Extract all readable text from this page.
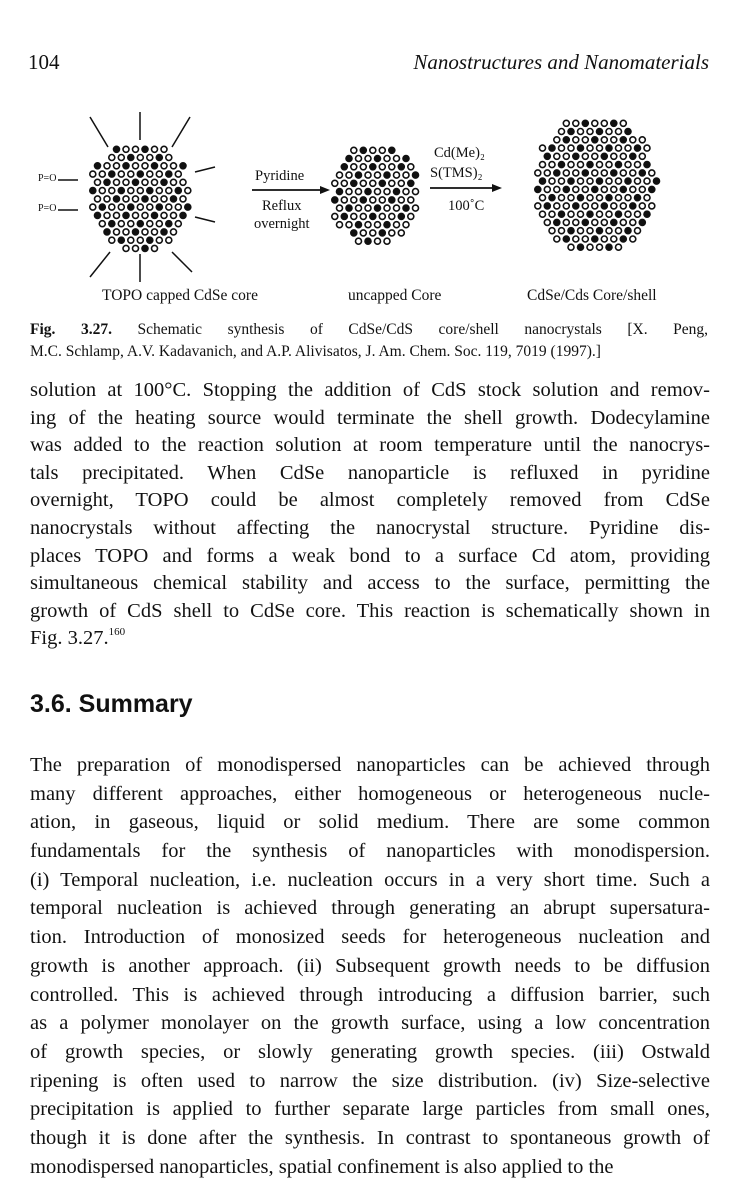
104	Nanostructures and Nanomaterials
Pyridine
Reflux
overnight
Cd(Me)₂
S(TMS)₂
100˚C
P=O
P=O
TOPO capped CdSe core	uncapped Core	CdSe/Cds Core/shell
Fig. 3.27. Schematic synthesis of CdSe/CdS core/shell nanocrystals [X. Peng,
M.C. Schlamp, A.V. Kadavanich, and A.P. Alivisatos, J. Am. Chem. Soc. 119, 7019 (1997).]
solution at 100°C. Stopping the addition of CdS stock solution and remov-
ing of the heating source would terminate the shell growth. Dodecylamine
was added to the reaction solution at room temperature until the nanocrys-
tals precipitated. When CdSe nanoparticle is refluxed in pyridine
overnight, TOPO could be almost completely removed from CdSe
nanocrystals without affecting the nanocrystal structure. Pyridine dis-
places TOPO and forms a weak bond to a surface Cd atom, providing
simultaneous chemical stability and access to the surface, permitting the
growth of CdS shell to CdSe core. This reaction is schematically shown in
Fig. 3.27.$^{160}$
3.6. Summary
The preparation of monodispersed nanoparticles can be achieved through
many different approaches, either homogeneous or heterogeneous nucle-
ation, in gaseous, liquid or solid medium. There are some common
fundamentals for the synthesis of nanoparticles with monodispersion.
(i) Temporal nucleation, i.e. nucleation occurs in a very short time. Such a
temporal nucleation is achieved through generating an abrupt supersatura-
tion. Introduction of monosized seeds for heterogeneous nucleation and
growth is another approach. (ii) Subsequent growth needs to be diffusion
controlled. This is achieved through introducing a diffusion barrier, such
as a polymer monolayer on the growth surface, using a low concentration
of growth species, or slowly generating growth species. (iii) Ostwald
ripening is often used to narrow the size distribution. (iv) Size-selective
precipitation is applied to further separate large particles from small ones,
though it is done after the synthesis. In contrast to spontaneous growth of
monodispersed nanoparticles, spatial confinement is also applied to the
